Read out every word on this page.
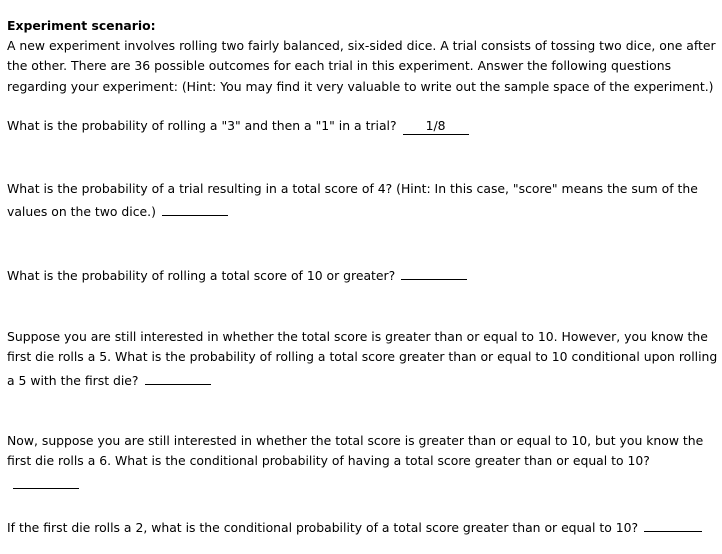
Experiment scenario:

A new experiment involves rolling two fairly balanced, six-sided dice. A trial consists of tossing two dice, one after the other. There are 36 possible outcomes for each trial in this experiment. Answer the following questions regarding your experiment: (Hint: You may find it very valuable to write out the sample space of the experiment.)

What is the probability of rolling a "3" and then a "1" in a trial? 1/8

What is the probability of a trial resulting in a total score of 4? (Hint: In this case, "score" means the sum of the values on the two dice.)

What is the probability of rolling a total score of 10 or greater?

Suppose you are still interested in whether the total score is greater than or equal to 10. However, you know the first die rolls a 5. What is the probability of rolling a total score greater than or equal to 10 conditional upon rolling a 5 with the first die?

Now, suppose you are still interested in whether the total score is greater than or equal to 10, but you know the first die rolls a 6. What is the conditional probability of having a total score greater than or equal to 10?

If the first die rolls a 2, what is the conditional probability of a total score greater than or equal to 10?
